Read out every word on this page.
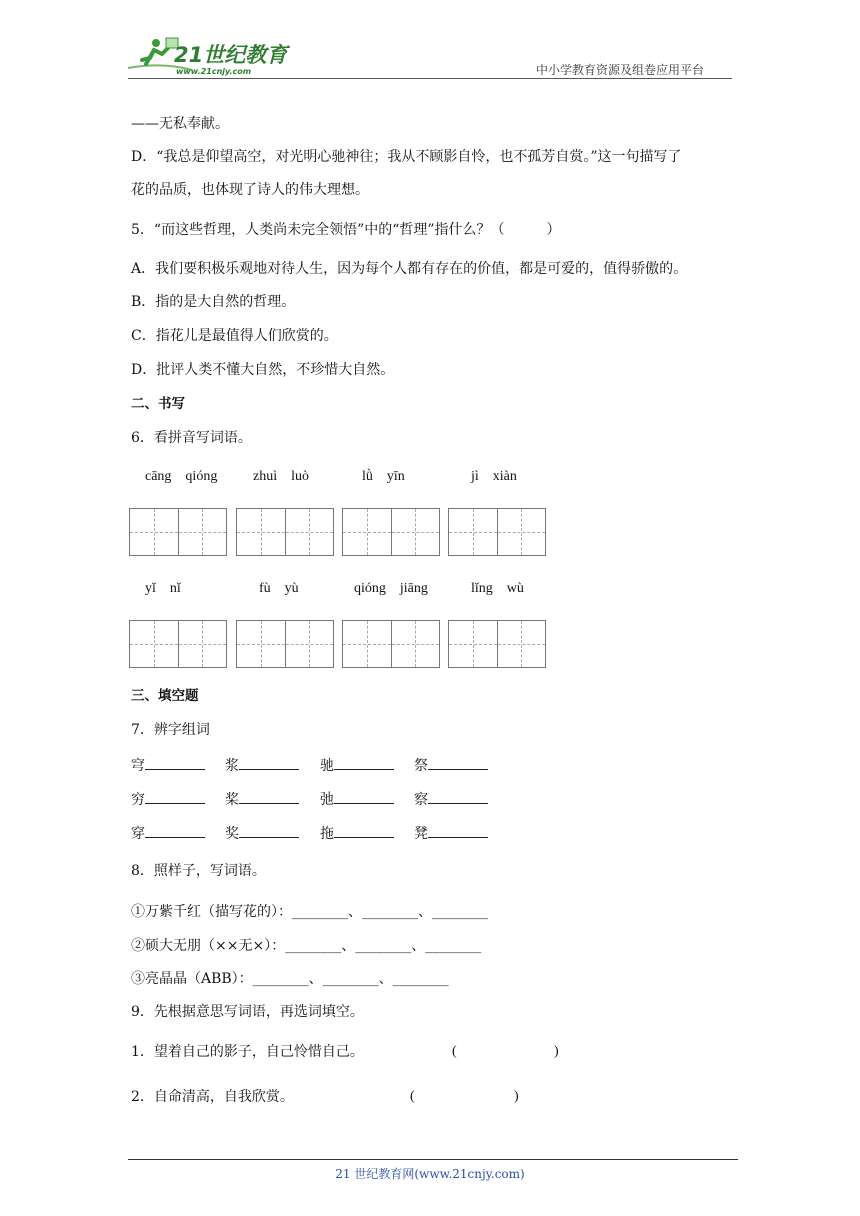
21世纪教育
www.21cnjy.com	中小学教育资源及组卷应用平台
——无私奉献。
D．“我总是仰望高空，对光明心驰神往；我从不顾影自怜，也不孤芳自赏。”这一句描写了
花的品质，也体现了诗人的伟大理想。
5．“而这些哲理，人类尚未完全领悟”中的“哲理”指什么？（　　　）
A．我们要积极乐观地对待人生，因为每个人都有存在的价值，都是可爱的，值得骄傲的。
B．指的是大自然的哲理。
C．指花儿是最值得人们欣赏的。
D．批评人类不懂大自然，不珍惜大自然。
二、书写
6．看拼音写词语。
cāng　qióng	zhuì　luò	lǜ　yīn	jì　xiàn
yǐ　nǐ	fù　yù	qióng　jiāng	lǐng　wù
三、填空题
7．辨字组词
穹	浆	驰	祭
穷	桨	弛	察
穿	奖	拖	凳
8．照样子，写词语。
①万紫千红（描写花的）：________、________、________
②硕大无朋（××无×）：________、________、________
③亮晶晶（ABB）：________、________、________
9．先根据意思写词语，再选词填空。
1．望着自己的影子，自己怜惜自己。	(	)
2．自命清高，自我欣赏。	(	)
21 世纪教育网(www.21cnjy.com)
